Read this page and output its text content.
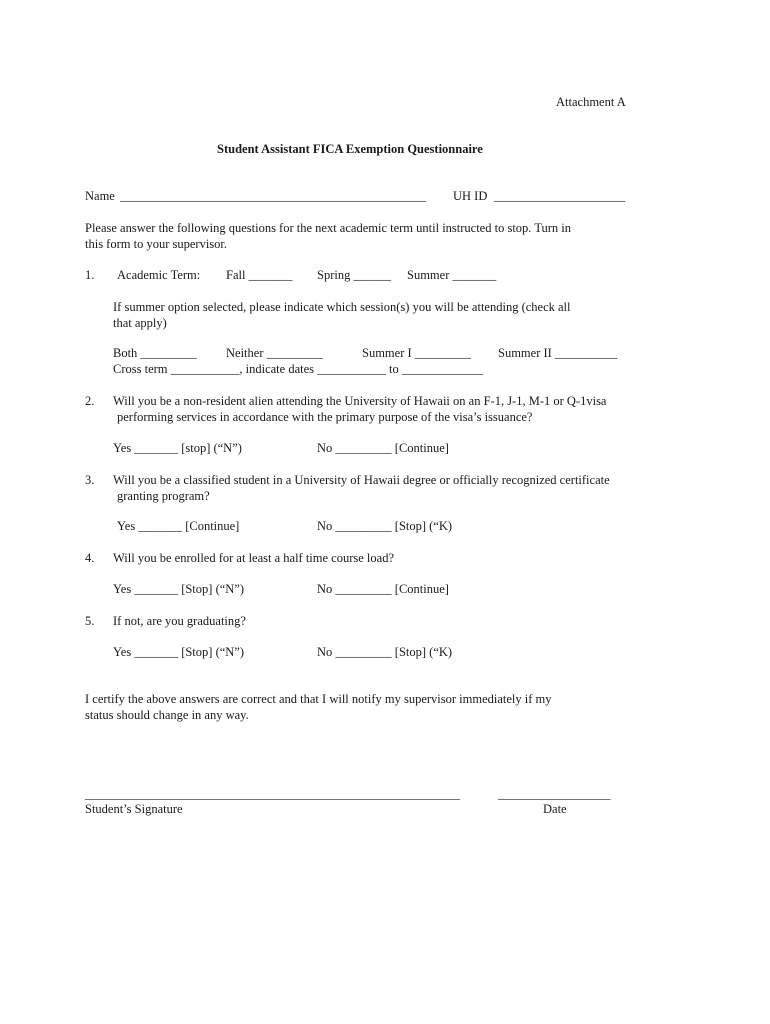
Attachment A
Student Assistant FICA Exemption Questionnaire
Name _________________________________________________ UH ID _____________________
Please answer the following questions for the next academic term until instructed to stop. Turn in
this form to your supervisor.
1. Academic Term: Fall _______ Spring ______ Summer _______
If summer option selected, please indicate which session(s) you will be attending (check all
that apply)
Both _________ Neither _________	Summer I _________ Summer II __________
Cross term ___________, indicate dates ___________ to _____________
2. Will you be a non-resident alien attending the University of Hawaii on an F-1, J-1, M-1 or Q-1visa
performing services in accordance with the primary purpose of the visa’s issuance?
Yes _______ [stop] (“N”)	No _________ [Continue]
3. Will you be a classified student in a University of Hawaii degree or officially recognized certificate
granting program?
Yes _______ [Continue]	No _________ [Stop] (“K)
4. Will you be enrolled for at least a half time course load?
Yes _______ [Stop] (“N”)	No _________ [Continue]
5. If not, are you graduating?
Yes _______ [Stop] (“N”)	No _________ [Stop] (“K)
I certify the above answers are correct and that I will notify my supervisor immediately if my
status should change in any way.
____________________________________________________________	__________________
Student’s Signature	Date
